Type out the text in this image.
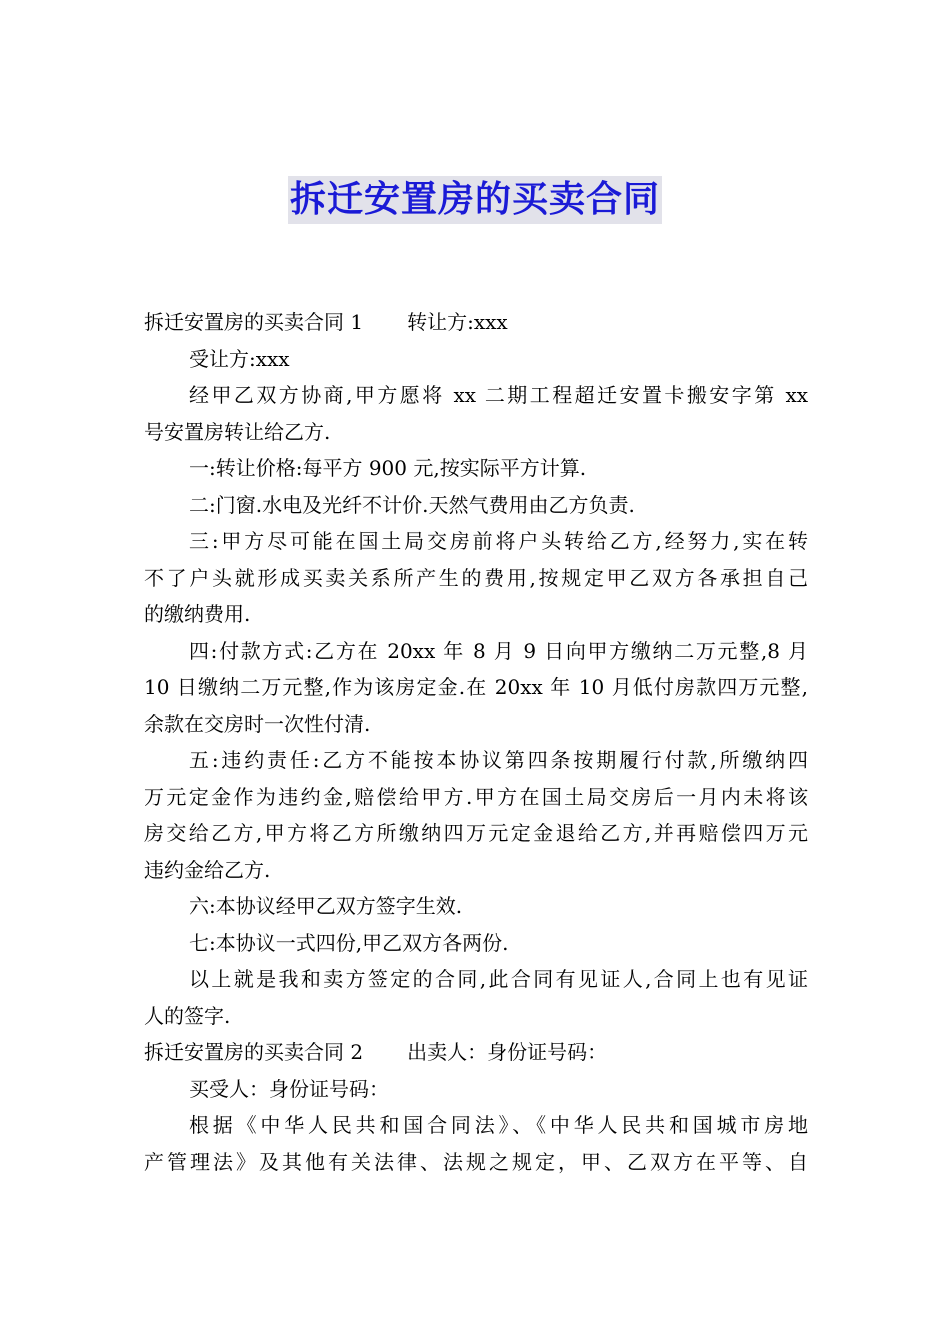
拆迁安置房的买卖合同
拆迁安置房的买卖合同 1 转让方:xxx
受让方:xxx
经甲乙双方协商,甲方愿将 xx 二期工程超迁安置卡搬安字第 xx
号安置房转让给乙方.
一:转让价格:每平方 900 元,按实际平方计算.
二:门窗.水电及光纤不计价.天然气费用由乙方负责.
三:甲方尽可能在国土局交房前将户头转给乙方,经努力,实在转
不了户头就形成买卖关系所产生的费用,按规定甲乙双方各承担自己
的缴纳费用.
四:付款方式:乙方在 20xx 年 8 月 9 日向甲方缴纳二万元整,8 月
10 日缴纳二万元整,作为该房定金.在 20xx 年 10 月低付房款四万元整,
余款在交房时一次性付清.
五:违约责任:乙方不能按本协议第四条按期履行付款,所缴纳四
万元定金作为违约金,赔偿给甲方.甲方在国土局交房后一月内未将该
房交给乙方,甲方将乙方所缴纳四万元定金退给乙方,并再赔偿四万元
违约金给乙方.
六:本协议经甲乙双方签字生效.
七:本协议一式四份,甲乙双方各两份.
以上就是我和卖方签定的合同,此合同有见证人,合同上也有见证
人的签字.
拆迁安置房的买卖合同 2 出卖人：身份证号码：
买受人：身份证号码：
根据《中华人民共和国合同法》、《中华人民共和国城市房地
产管理法》及其他有关法律、法规之规定，甲、乙双方在平等、自
